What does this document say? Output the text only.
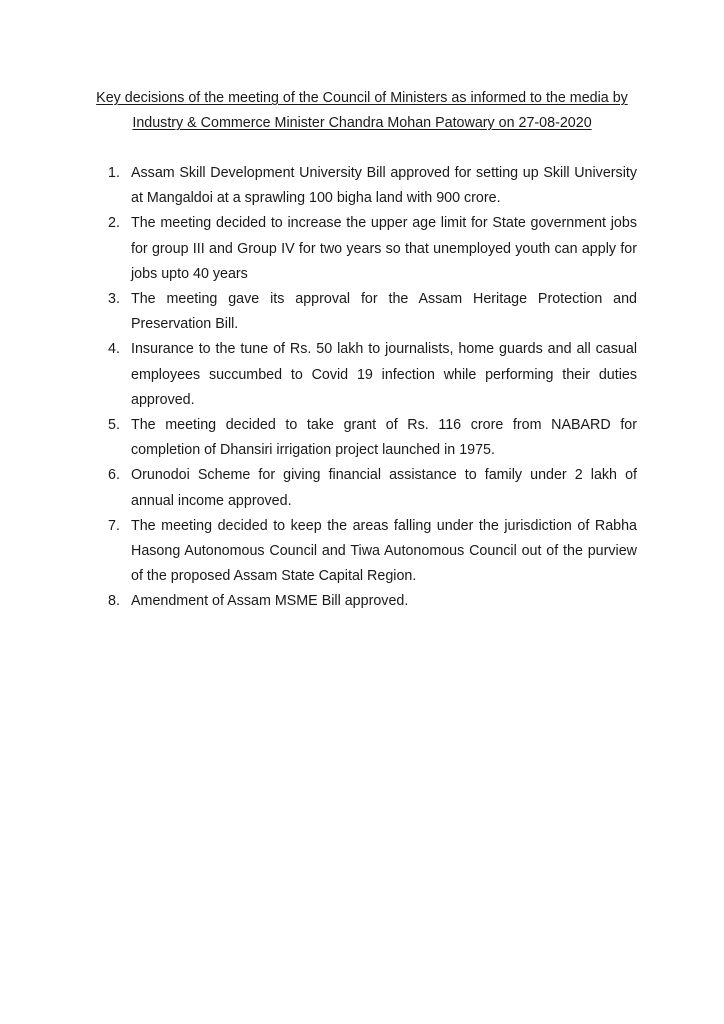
Key decisions of the meeting of the Council of Ministers as informed to the media by
Industry & Commerce Minister Chandra Mohan Patowary on 27-08-2020
1. Assam Skill Development University Bill approved for setting up Skill University at Mangaldoi at a sprawling 100 bigha land with 900 crore.
2. The meeting decided to increase the upper age limit for State government jobs for group III and Group IV for two years so that unemployed youth can apply for jobs upto 40 years
3. The meeting gave its approval for the Assam Heritage Protection and Preservation Bill.
4. Insurance to the tune of Rs. 50 lakh to journalists, home guards and all casual employees succumbed to Covid 19 infection while performing their duties approved.
5. The meeting decided to take grant of Rs. 116 crore from NABARD for completion of Dhansiri irrigation project launched in 1975.
6. Orunodoi Scheme for giving financial assistance to family under 2 lakh of annual income approved.
7. The meeting decided to keep the areas falling under the jurisdiction of Rabha Hasong Autonomous Council and Tiwa Autonomous Council out of the purview of the proposed Assam State Capital Region.
8. Amendment of Assam MSME Bill approved.
